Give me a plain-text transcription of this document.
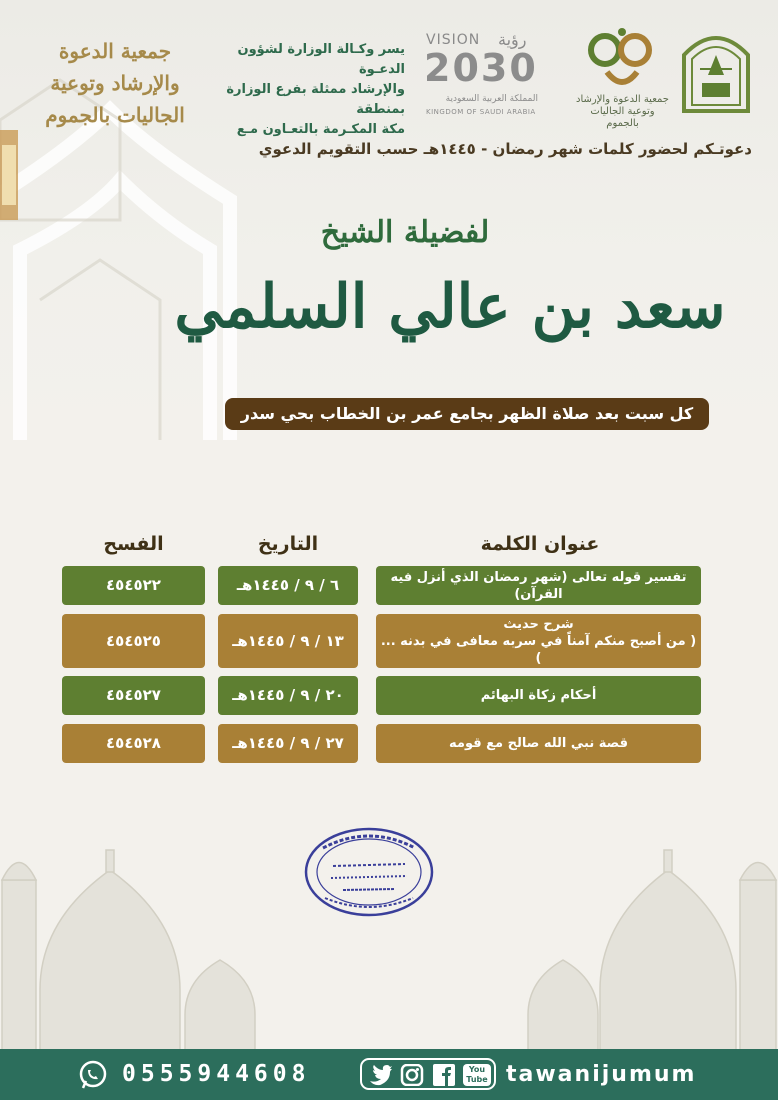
جمعية الدعوة والإرشاد وتوعية الجاليات بالجموم
VISION رؤية
2030
المملكة العربية السعودية
KINGDOM OF SAUDI ARABIA
يسر وكـالة الوزارة لشؤون الدعـوة
والإرشاد ممثلة بفرع الوزارة بمنطقة
مكة المكـرمة بالتعـاون مـع
جمعية الدعوة والإرشاد وتوعية الجاليات بالجموم
دعوتـكم لحضور كلمات شهر رمضان - ١٤٤٥هـ حسب التقويم الدعوي
لفضيلة الشيخ
سعد بن عالي السلمي
كل سبت بعد صلاة الظهر بجامع عمر بن الخطاب بحي سدر
عنوان الكلمة
التاريخ
الفسح
تفسير قوله تعالى (شهر رمضان الذي أنزل فيه القرآن)
٦ / ٩ / ١٤٤٥هـ
٤٥٤٥٢٢
شرح حديث
( من أصبح منكم آمناً في سربه معافى في بدنه ... )
١٣ / ٩ / ١٤٤٥هـ
٤٥٤٥٢٥
أحكام زكاة البهائم
٢٠ / ٩ / ١٤٤٥هـ
٤٥٤٥٢٧
قصة نبي الله صالح مع قومه
٢٧ / ٩ / ١٤٤٥هـ
٤٥٤٥٢٨
0555944608	You Tube tawanijumum
